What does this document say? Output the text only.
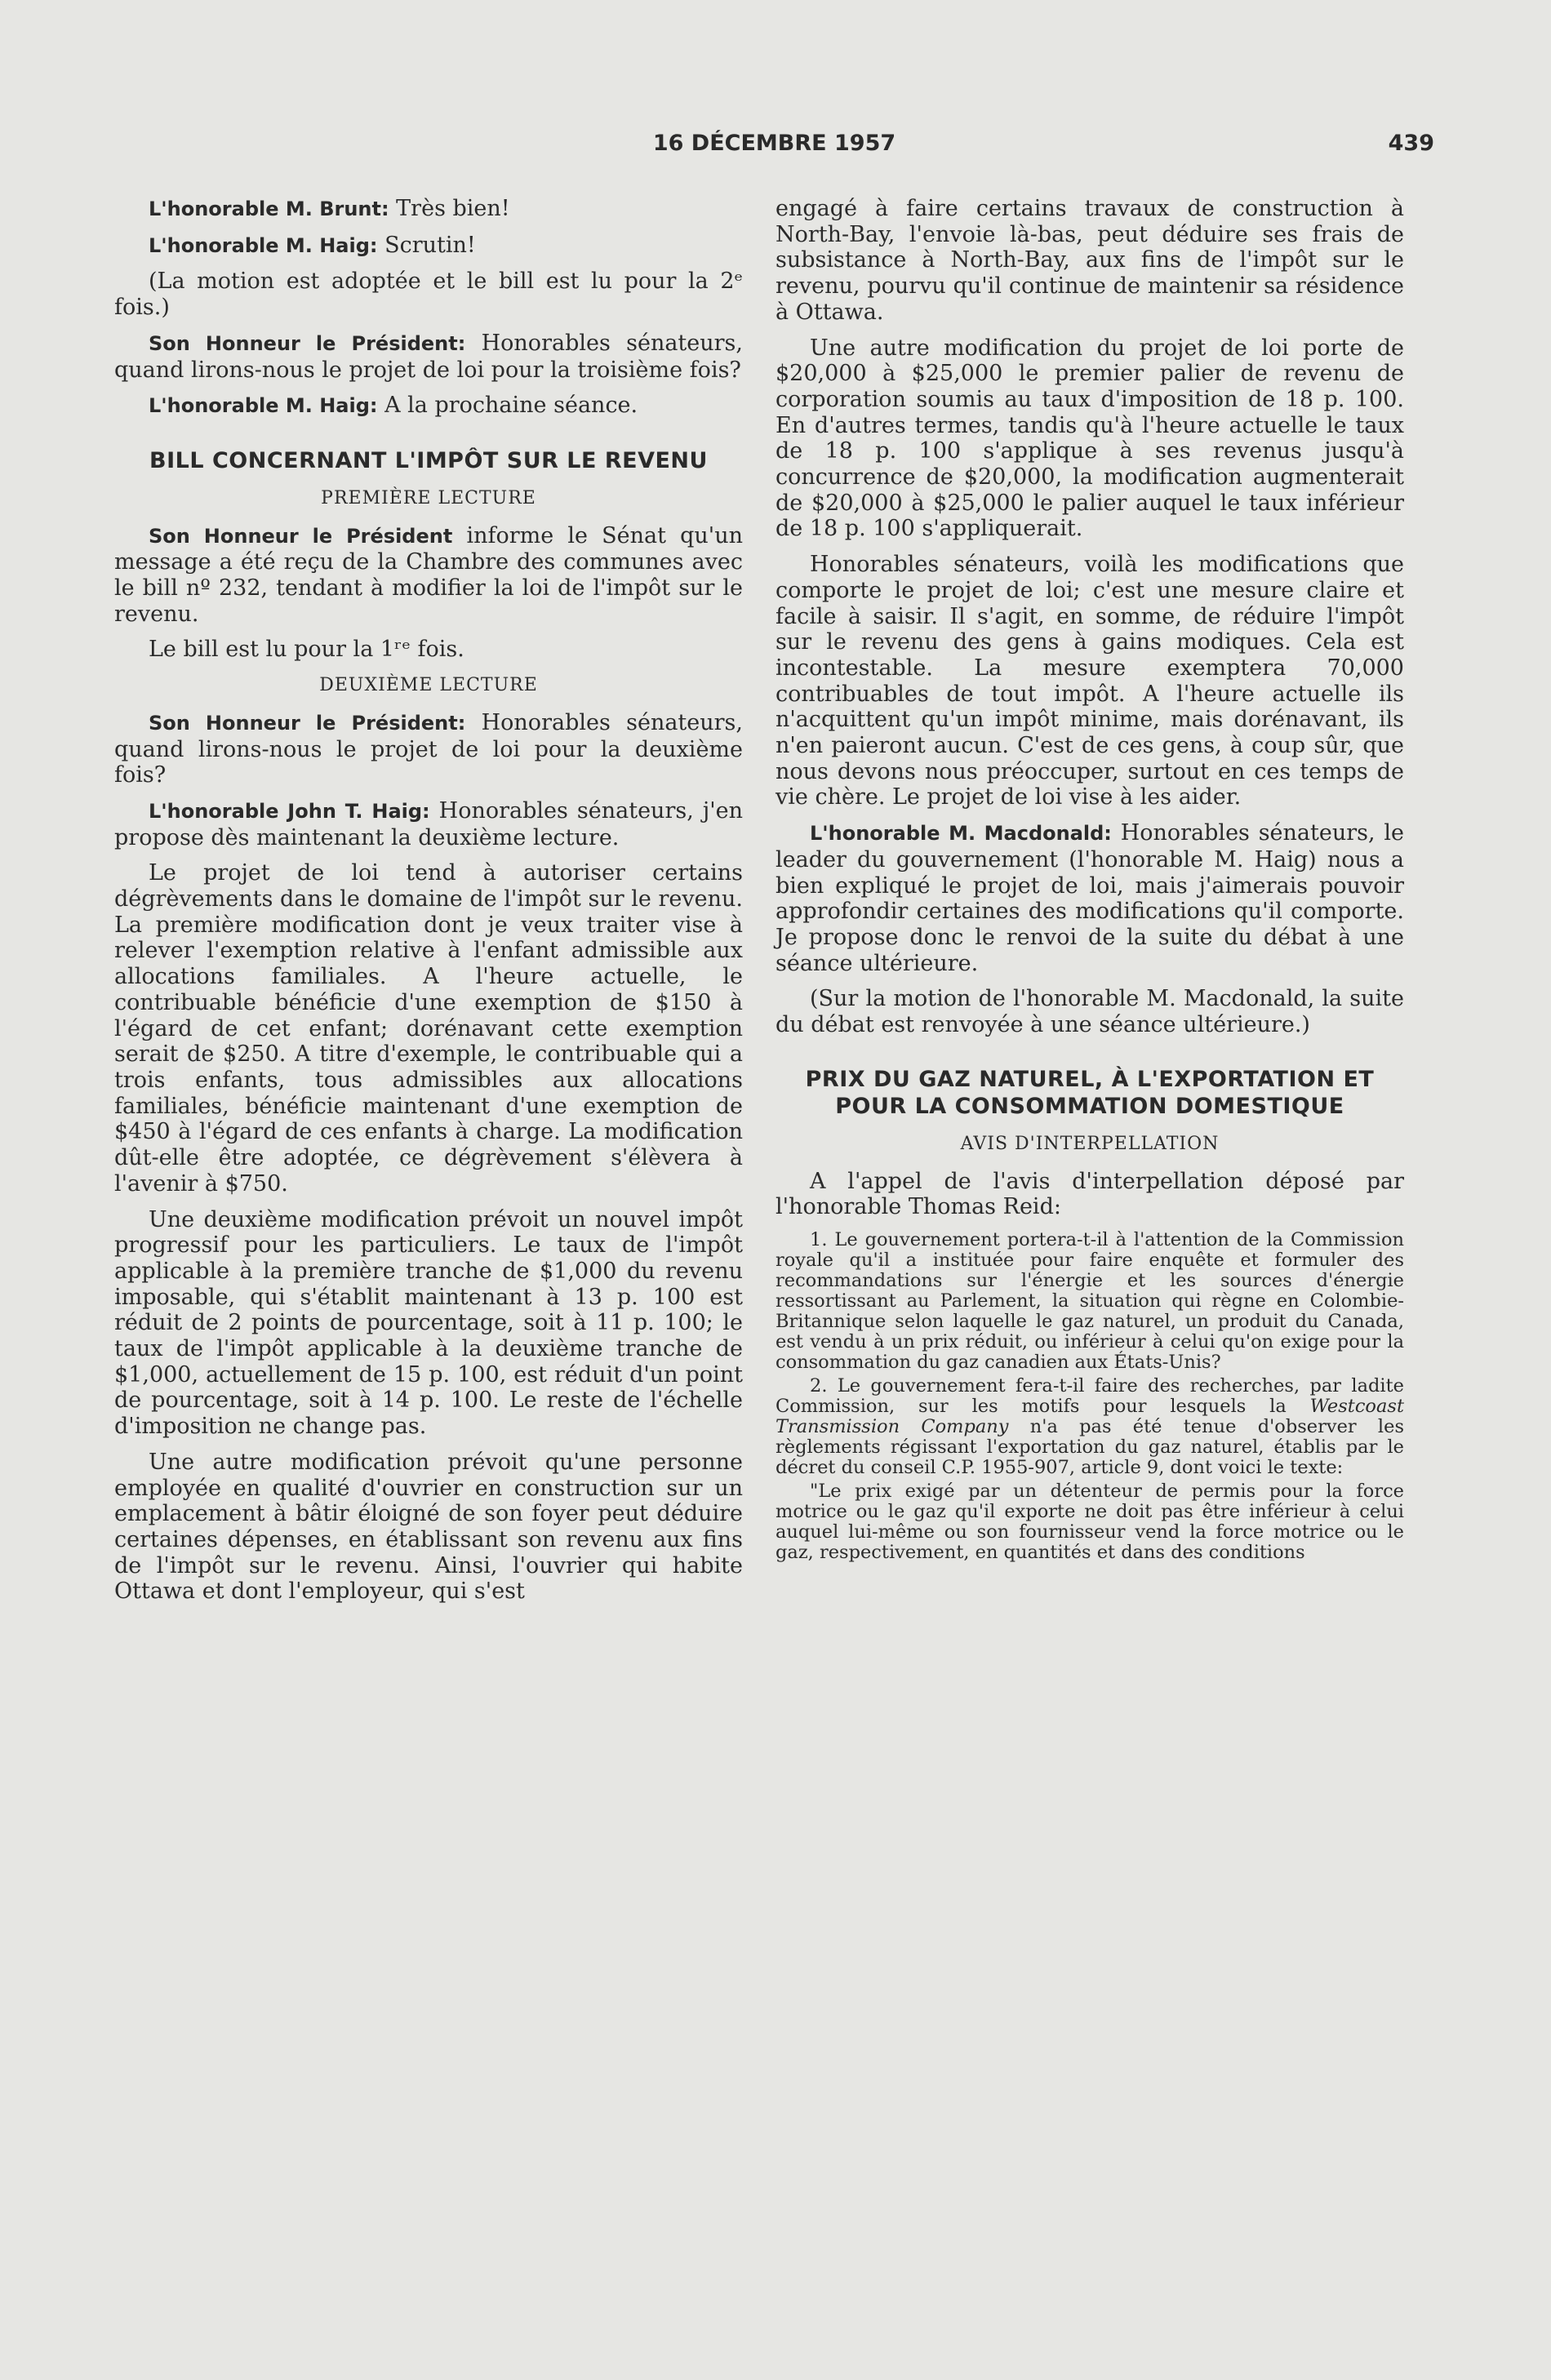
16 DÉCEMBRE 1957	439

L'honorable M. Brunt: Très bien!

L'honorable M. Haig: Scrutin!

(La motion est adoptée et le bill est lu pour la 2ᵉ fois.)

Son Honneur le Président: Honorables sénateurs, quand lirons-nous le projet de loi pour la troisième fois?

L'honorable M. Haig: A la prochaine séance.

BILL CONCERNANT L'IMPÔT SUR LE REVENU
PREMIÈRE LECTURE

Son Honneur le Président informe le Sénat qu'un message a été reçu de la Chambre des communes avec le bill nº 232, tendant à modifier la loi de l'impôt sur le revenu.

Le bill est lu pour la 1ʳᵉ fois.

DEUXIÈME LECTURE

Son Honneur le Président: Honorables sénateurs, quand lirons-nous le projet de loi pour la deuxième fois?

L'honorable John T. Haig: Honorables sénateurs, j'en propose dès maintenant la deuxième lecture.

Le projet de loi tend à autoriser certains dégrèvements dans le domaine de l'impôt sur le revenu. La première modification dont je veux traiter vise à relever l'exemption relative à l'enfant admissible aux allocations familiales. A l'heure actuelle, le contribuable bénéficie d'une exemption de $150 à l'égard de cet enfant; dorénavant cette exemption serait de $250. A titre d'exemple, le contribuable qui a trois enfants, tous admissibles aux allocations familiales, bénéficie maintenant d'une exemption de $450 à l'égard de ces enfants à charge. La modification dût-elle être adoptée, ce dégrèvement s'élèvera à l'avenir à $750.

Une deuxième modification prévoit un nouvel impôt progressif pour les particuliers. Le taux de l'impôt applicable à la première tranche de $1,000 du revenu imposable, qui s'établit maintenant à 13 p. 100 est réduit de 2 points de pourcentage, soit à 11 p. 100; le taux de l'impôt applicable à la deuxième tranche de $1,000, actuellement de 15 p. 100, est réduit d'un point de pourcentage, soit à 14 p. 100. Le reste de l'échelle d'imposition ne change pas.

Une autre modification prévoit qu'une personne employée en qualité d'ouvrier en construction sur un emplacement à bâtir éloigné de son foyer peut déduire certaines dépenses, en établissant son revenu aux fins de l'impôt sur le revenu. Ainsi, l'ouvrier qui habite Ottawa et dont l'employeur, qui s'est

engagé à faire certains travaux de construction à North-Bay, l'envoie là-bas, peut déduire ses frais de subsistance à North-Bay, aux fins de l'impôt sur le revenu, pourvu qu'il continue de maintenir sa résidence à Ottawa.

Une autre modification du projet de loi porte de $20,000 à $25,000 le premier palier de revenu de corporation soumis au taux d'imposition de 18 p. 100. En d'autres termes, tandis qu'à l'heure actuelle le taux de 18 p. 100 s'applique à ses revenus jusqu'à concurrence de $20,000, la modification augmenterait de $20,000 à $25,000 le palier auquel le taux inférieur de 18 p. 100 s'appliquerait.

Honorables sénateurs, voilà les modifications que comporte le projet de loi; c'est une mesure claire et facile à saisir. Il s'agit, en somme, de réduire l'impôt sur le revenu des gens à gains modiques. Cela est incontestable. La mesure exemptera 70,000 contribuables de tout impôt. A l'heure actuelle ils n'acquittent qu'un impôt minime, mais dorénavant, ils n'en paieront aucun. C'est de ces gens, à coup sûr, que nous devons nous préoccuper, surtout en ces temps de vie chère. Le projet de loi vise à les aider.

L'honorable M. Macdonald: Honorables sénateurs, le leader du gouvernement (l'honorable M. Haig) nous a bien expliqué le projet de loi, mais j'aimerais pouvoir approfondir certaines des modifications qu'il comporte. Je propose donc le renvoi de la suite du débat à une séance ultérieure.

(Sur la motion de l'honorable M. Macdonald, la suite du débat est renvoyée à une séance ultérieure.)

PRIX DU GAZ NATUREL, À L'EXPORTATION ET POUR LA CONSOMMATION DOMESTIQUE
AVIS D'INTERPELLATION

A l'appel de l'avis d'interpellation déposé par l'honorable Thomas Reid:

1. Le gouvernement portera-t-il à l'attention de la Commission royale qu'il a instituée pour faire enquête et formuler des recommandations sur l'énergie et les sources d'énergie ressortissant au Parlement, la situation qui règne en Colombie-Britannique selon laquelle le gaz naturel, un produit du Canada, est vendu à un prix réduit, ou inférieur à celui qu'on exige pour la consommation du gaz canadien aux États-Unis?

2. Le gouvernement fera-t-il faire des recherches, par ladite Commission, sur les motifs pour lesquels la Westcoast Transmission Company n'a pas été tenue d'observer les règlements régissant l'exportation du gaz naturel, établis par le décret du conseil C.P. 1955-907, article 9, dont voici le texte:

"Le prix exigé par un détenteur de permis pour la force motrice ou le gaz qu'il exporte ne doit pas être inférieur à celui auquel lui-même ou son fournisseur vend la force motrice ou le gaz, respectivement, en quantités et dans des conditions
